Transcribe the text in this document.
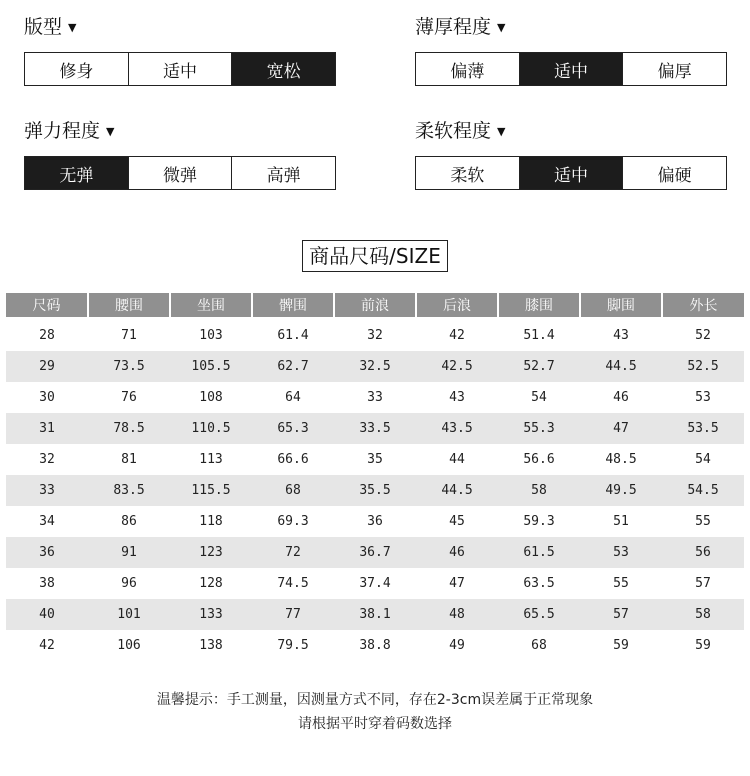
版型 ▼
修身	适中	宽松
薄厚程度 ▼
偏薄	适中	偏厚
弹力程度 ▼
无弹	微弹	高弹
柔软程度 ▼
柔软	适中	偏硬
商品尺码/SIZE
尺码	腰围	坐围	髀围	前浪	后浪	膝围	脚围	外长

28	71	103	61.4	32	42	51.4	43	52
29	73.5	105.5	62.7	32.5	42.5	52.7	44.5	52.5
30	76	108	64	33	43	54	46	53
31	78.5	110.5	65.3	33.5	43.5	55.3	47	53.5
32	81	113	66.6	35	44	56.6	48.5	54
33	83.5	115.5	68	35.5	44.5	58	49.5	54.5
34	86	118	69.3	36	45	59.3	51	55
36	91	123	72	36.7	46	61.5	53	56
38	96	128	74.5	37.4	47	63.5	55	57
40	101	133	77	38.1	48	65.5	57	58
42	106	138	79.5	38.8	49	68	59	59
温馨提示：手工测量，因测量方式不同，存在2-3cm误差属于正常现象
请根据平时穿着码数选择
